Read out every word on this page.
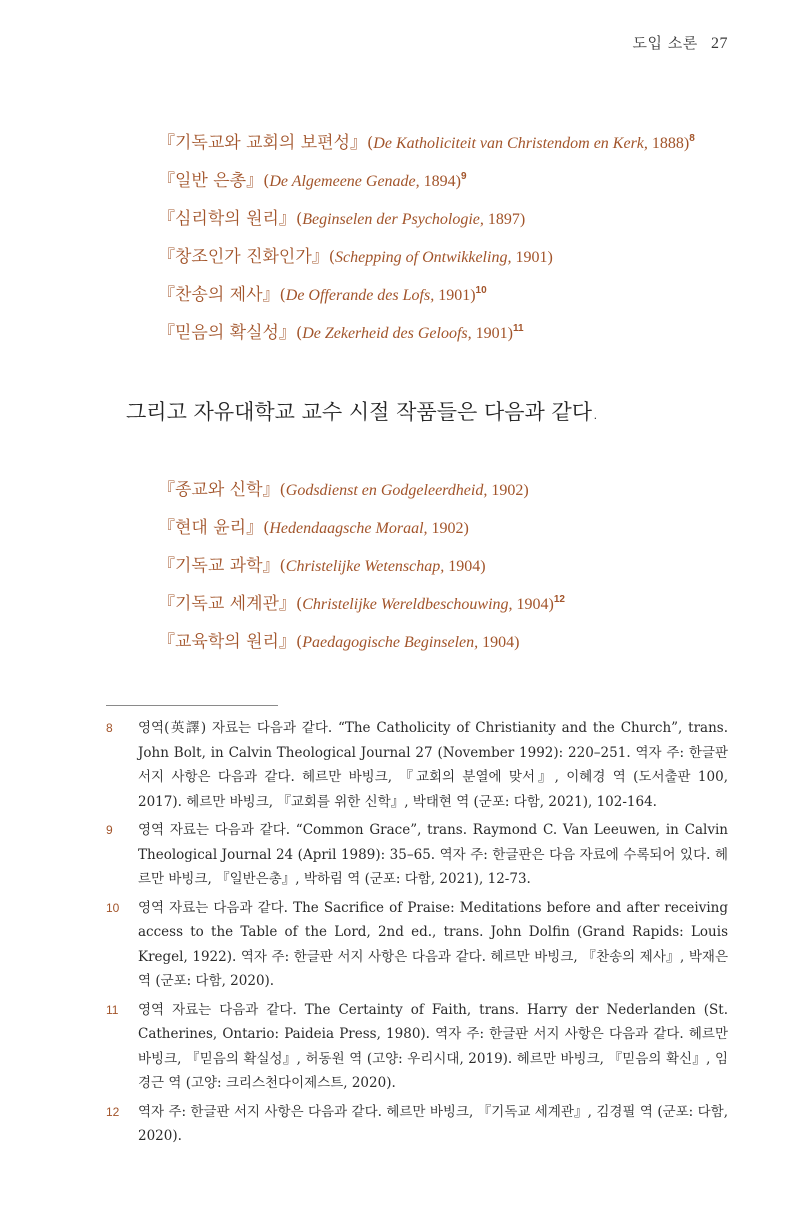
도입 소론 27
『기독교와 교회의 보편성』(De Katholiciteit van Christendom en Kerk, 1888)$^8$
『일반 은총』(De Algemeene Genade, 1894)$^9$
『심리학의 원리』(Beginselen der Psychologie, 1897)
『창조인가 진화인가』(Schepping of Ontwikkeling, 1901)
『찬송의 제사』(De Offerande des Lofs, 1901)$^{10}$
『믿음의 확실성』(De Zekerheid des Geloofs, 1901)$^{11}$
그리고 자유대학교 교수 시절 작품들은 다음과 같다.
『종교와 신학』(Godsdienst en Godgeleerdheid, 1902)
『현대 윤리』(Hedendaagsche Moraal, 1902)
『기독교 과학』(Christelijke Wetenschap, 1904)
『기독교 세계관』(Christelijke Wereldbeschouwing, 1904)$^{12}$
『교육학의 원리』(Paedagogische Beginselen, 1904)
8	영역(英譯) 자료는 다음과 같다. “The Catholicity of Christianity and the Church”, trans. John Bolt, in Calvin Theological Journal 27 (November 1992): 220–251. 역자 주: 한글판 서지 사항은 다음과 같다. 헤르만 바빙크, 『교회의 분열에 맞서』, 이혜경 역 (도서출판 100, 2017). 헤르만 바빙크, 『교회를 위한 신학』, 박태현 역 (군포: 다함, 2021), 102-164.
9	영역 자료는 다음과 같다. “Common Grace”, trans. Raymond C. Van Leeuwen, in Calvin Theological Journal 24 (April 1989): 35–65. 역자 주: 한글판은 다음 자료에 수록되어 있다. 헤르만 바빙크, 『일반은총』, 박하림 역 (군포: 다함, 2021), 12-73.
10	영역 자료는 다음과 같다. The Sacrifice of Praise: Meditations before and after receiving access to the Table of the Lord, 2nd ed., trans. John Dolfin (Grand Rapids: Louis Kregel, 1922). 역자 주: 한글판 서지 사항은 다음과 같다. 헤르만 바빙크, 『찬송의 제사』, 박재은 역 (군포: 다함, 2020).
11	영역 자료는 다음과 같다. The Certainty of Faith, trans. Harry der Nederlanden (St. Catherines, Ontario: Paideia Press, 1980). 역자 주: 한글판 서지 사항은 다음과 같다. 헤르만 바빙크, 『믿음의 확실성』, 허동원 역 (고양: 우리시대, 2019). 헤르만 바빙크, 『믿음의 확신』, 임경근 역 (고양: 크리스천다이제스트, 2020).
12	역자 주: 한글판 서지 사항은 다음과 같다. 헤르만 바빙크, 『기독교 세계관』, 김경필 역 (군포: 다함, 2020).
